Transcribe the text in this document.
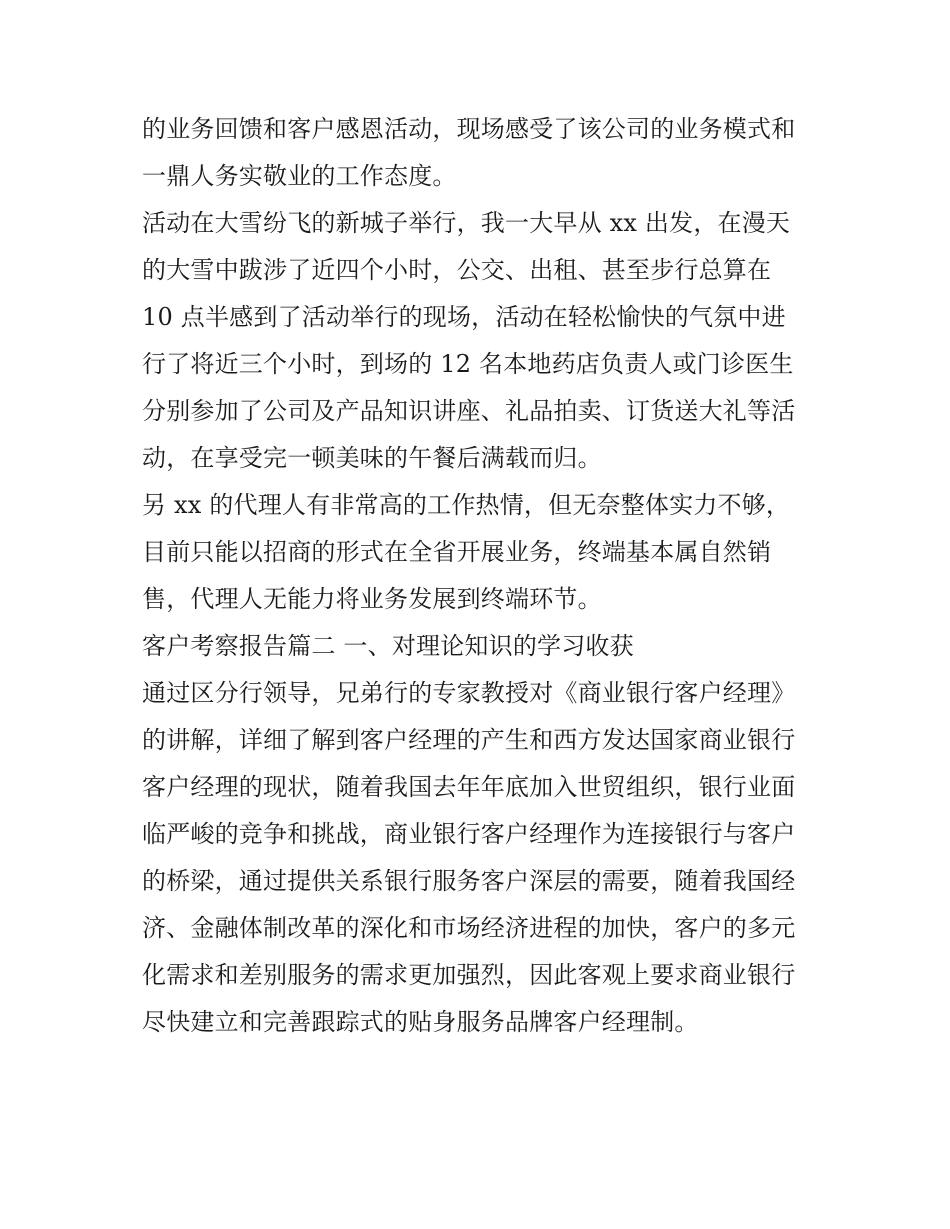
的业务回馈和客户感恩活动，现场感受了该公司的业务模式和
一鼎人务实敬业的工作态度。
活动在大雪纷飞的新城子举行，我一大早从 xx 出发，在漫天
的大雪中跋涉了近四个小时，公交、出租、甚至步行总算在
10 点半感到了活动举行的现场，活动在轻松愉快的气氛中进
行了将近三个小时，到场的 12 名本地药店负责人或门诊医生
分别参加了公司及产品知识讲座、礼品拍卖、订货送大礼等活
动，在享受完一顿美味的午餐后满载而归。
另 xx 的代理人有非常高的工作热情，但无奈整体实力不够，
目前只能以招商的形式在全省开展业务，终端基本属自然销
售，代理人无能力将业务发展到终端环节。
客户考察报告篇二 一、对理论知识的学习收获
通过区分行领导，兄弟行的专家教授对《商业银行客户经理》
的讲解，详细了解到客户经理的产生和西方发达国家商业银行
客户经理的现状，随着我国去年年底加入世贸组织，银行业面
临严峻的竞争和挑战，商业银行客户经理作为连接银行与客户
的桥梁，通过提供关系银行服务客户深层的需要，随着我国经
济、金融体制改革的深化和市场经济进程的加快，客户的多元
化需求和差别服务的需求更加强烈，因此客观上要求商业银行
尽快建立和完善跟踪式的贴身服务品牌客户经理制。
